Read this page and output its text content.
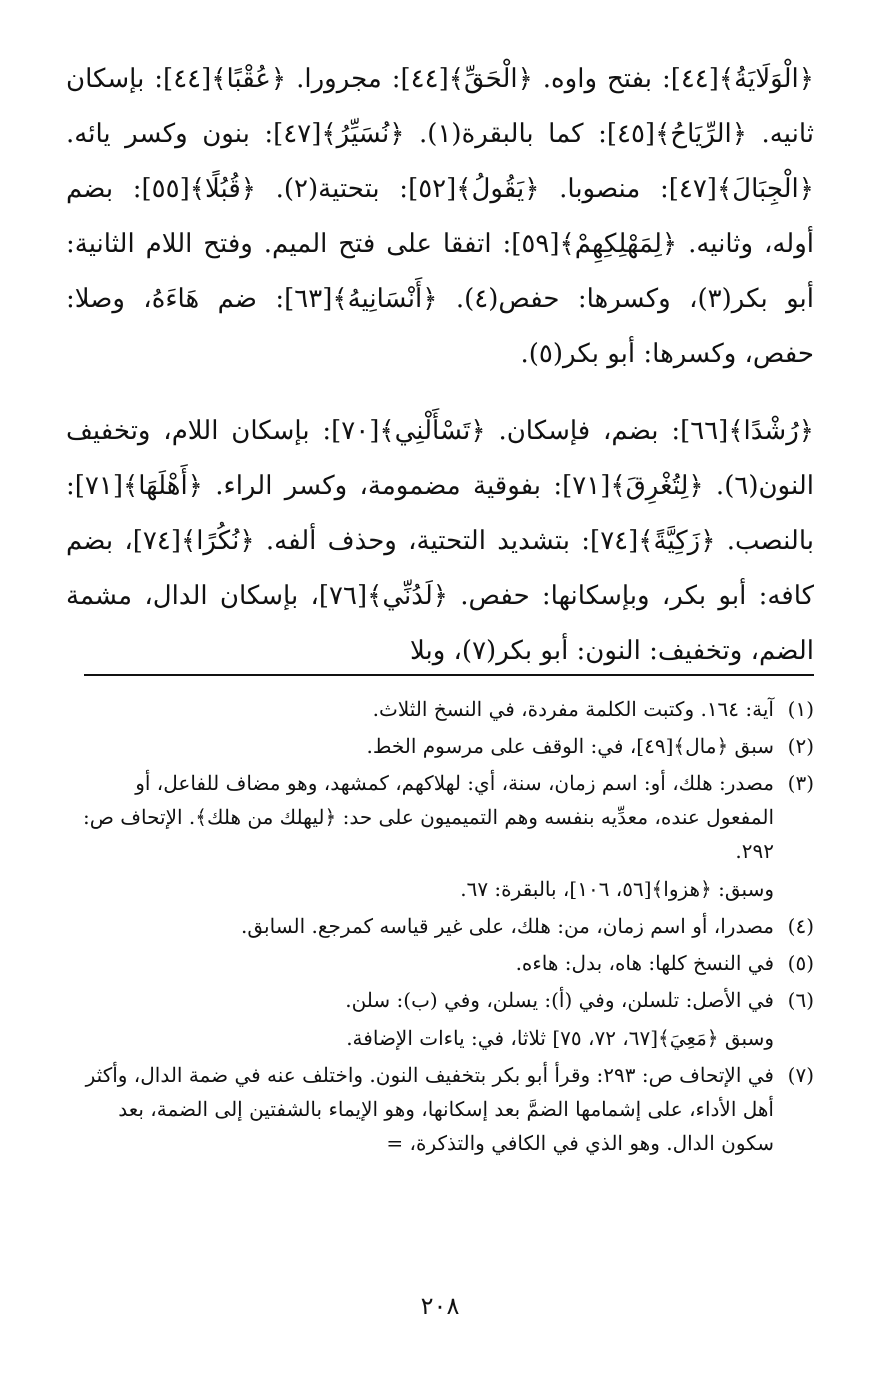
﴿الْوَلَايَةُ﴾[٤٤]: بفتح واوه. ﴿الْحَقِّ﴾[٤٤]: مجرورا. ﴿عُقْبًا﴾[٤٤]: بإسكان ثانيه. ﴿الرِّيَاحُ﴾[٤٥]: كما بالبقرة(١). ﴿نُسَيِّرُ﴾[٤٧]: بنون وكسر يائه. ﴿الْجِبَالَ﴾[٤٧]: منصوبا. ﴿يَقُولُ﴾[٥٢]: بتحتية(٢). ﴿قُبُلًا﴾[٥٥]: بضم أوله، وثانيه. ﴿لِمَهْلِكِهِمْ﴾[٥٩]: اتفقا على فتح الميم. وفتح اللام الثانية: أبو بكر(٣)، وكسرها: حفص(٤). ﴿أَنْسَانِيهُ﴾[٦٣]: ضم هَاءَهُ، وصلا: حفص، وكسرها: أبو بكر(٥).

﴿رُشْدًا﴾[٦٦]: بضم، فإسكان. ﴿تَسْأَلْنِي﴾[٧٠]: بإسكان اللام، وتخفيف النون(٦). ﴿لِتُغْرِقَ﴾[٧١]: بفوقية مضمومة، وكسر الراء. ﴿أَهْلَهَا﴾[٧١]: بالنصب. ﴿زَكِيَّةً﴾[٧٤]: بتشديد التحتية، وحذف ألفه. ﴿نُكُرًا﴾[٧٤]، بضم كافه: أبو بكر، وبإسكانها: حفص. ﴿لَدُنِّي﴾[٧٦]، بإسكان الدال، مشمة الضم، وتخفيف: النون: أبو بكر(٧)، وبلا

(١)
آية: ١٦٤. وكتبت الكلمة مفردة، في النسخ الثلاث.
(٢)
سبق ﴿مال﴾[٤٩]، في: الوقف على مرسوم الخط.
(٣)
مصدر: هلك، أو: اسم زمان، سنة، أي: لهلاكهم، كمشهد، وهو مضاف للفاعل، أو المفعول عنده، معدِّيه بنفسه وهم التميميون على حد: ﴿ليهلك من هلك﴾. الإتحاف ص: ٢٩٢.
وسبق: ﴿هزوا﴾[٥٦، ١٠٦]، بالبقرة: ٦٧.
(٤)
مصدرا، أو اسم زمان، من: هلك، على غير قياسه كمرجع. السابق.
(٥)
في النسخ كلها: هاه، بدل: هاءه.
(٦)
في الأصل: تلسلن، وفي (أ): يسلن، وفي (ب): سلن.
وسبق ﴿مَعِيَ﴾[٦٧، ٧٢، ٧٥] ثلاثا، في: ياءات الإضافة.
(٧)
في الإتحاف ص: ٢٩٣: وقرأ أبو بكر بتخفيف النون. واختلف عنه في ضمة الدال، وأكثر أهل الأداء، على إشمامها الضمَّ بعد إسكانها، وهو الإيماء بالشفتين إلى الضمة، بعد سكون الدال. وهو الذي في الكافي والتذكرة، =
٢٠٨
